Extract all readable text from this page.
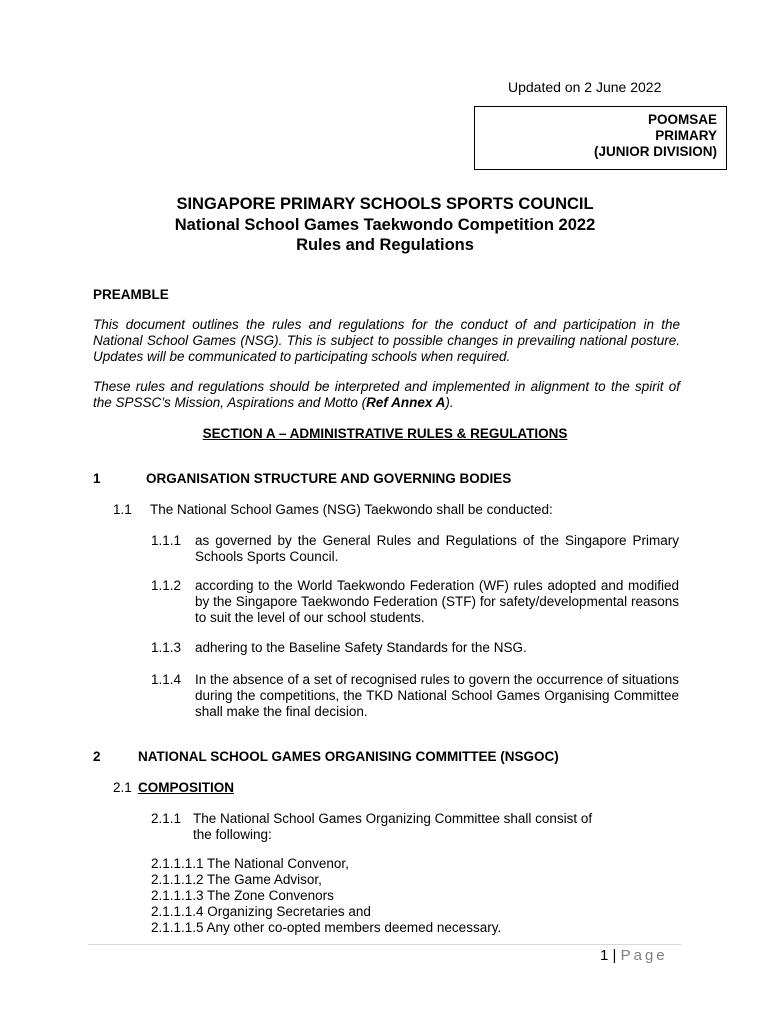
Updated on 2 June 2022
POOMSAE
PRIMARY
(JUNIOR DIVISION)
SINGAPORE PRIMARY SCHOOLS SPORTS COUNCIL
National School Games Taekwondo Competition 2022
Rules and Regulations
PREAMBLE
This document outlines the rules and regulations for the conduct of and participation in the National School Games (NSG). This is subject to possible changes in prevailing national posture. Updates will be communicated to participating schools when required.
These rules and regulations should be interpreted and implemented in alignment to the spirit of the SPSSC’s Mission, Aspirations and Motto (Ref Annex A).
SECTION A – ADMINISTRATIVE RULES & REGULATIONS
1	ORGANISATION STRUCTURE AND GOVERNING BODIES
1.1 The National School Games (NSG) Taekwondo shall be conducted:
1.1.1 as governed by the General Rules and Regulations of the Singapore Primary Schools Sports Council.
1.1.2 according to the World Taekwondo Federation (WF) rules adopted and modified by the Singapore Taekwondo Federation (STF) for safety/developmental reasons to suit the level of our school students.
1.1.3 adhering to the Baseline Safety Standards for the NSG.
1.1.4 In the absence of a set of recognised rules to govern the occurrence of situations during the competitions, the TKD National School Games Organising Committee shall make the final decision.
2	NATIONAL SCHOOL GAMES ORGANISING COMMITTEE (NSGOC)
2.1 COMPOSITION
2.1.1 The National School Games Organizing Committee shall consist of
the following:
2.1.1.1.1 The National Convenor,
2.1.1.1.2 The Game Advisor,
2.1.1.1.3 The Zone Convenors
2.1.1.1.4 Organizing Secretaries and
2.1.1.1.5 Any other co-opted members deemed necessary.
1 | Page
